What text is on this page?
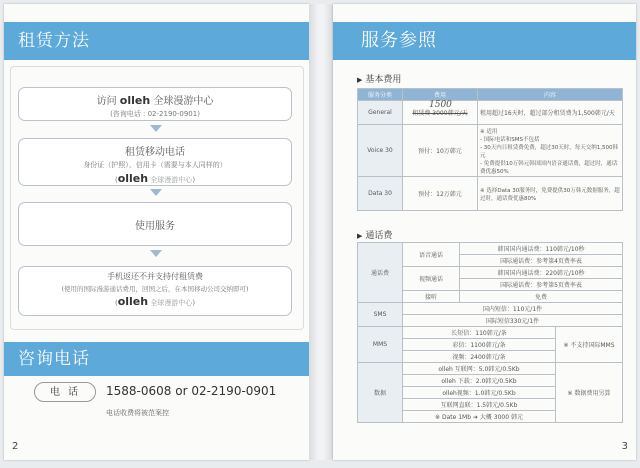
租赁方法
访问 olleh 全球漫游中心
(咨询电话 : 02-2190-0901)
租赁移动电话
身份证（护照）、信用卡（需要与本人同样的）
(olleh 全球漫游中心)
使用服务
手机返还不并支持付租赁费
(使用的国际漫游通话费用，回国之后，在本国移动公司交纳即可)
(olleh 全球漫游中心)
咨询电话
电话	1588-0608 or 02-2190-0901
电话收费将被范案控
2
服务参照
▶ 基本费用
服务分类	费用	内容
General	租赁费 3000韩元/天	租用超过16天时，超过部分租赁费为1,500韩元/天
Voice 30	预付：10万韩元	※ 适用
- 国际电话和SMS不包括
- 30天内日租赁费免费，超过30天时，每天交纳1,500韩元
- 免费提供10万韩元韩国国内语音通话费，超过时，通话费优惠50%
Data 30	预付：12万韩元	※ 选择Data 30服务时，免费提供30万韩元数据服务，超过时，通话费优惠80%
1500
▶ 通话费
通话费	语音通话	韩国国内通话费：110韩元/10秒	
		国际通话费：参考第4页费率表	
	视频通话	韩国国内通话费：220韩元/10秒	
		国际通话费：参考第5页费率表	
	接听	免费	
SMS	国内短信：110元/1件		
	国际短信330元/1件		
MMS	长短信：110韩元/条		※ 不支持国际MMS
	彩信：1100韩元/条		
	视频：2400韩元/条		
数据	olleh 互联网：5.0韩元/0.5Kb		※ 数据费用另算
	olleh 下载：2.0韩元/0.5Kb		
	olleh视频：1.0韩元/0.5Kb		
	互联网直联：1.5韩元/0.5Kb		
	※ Date 1Mb ➔ 大概 3000 韩元		
3
